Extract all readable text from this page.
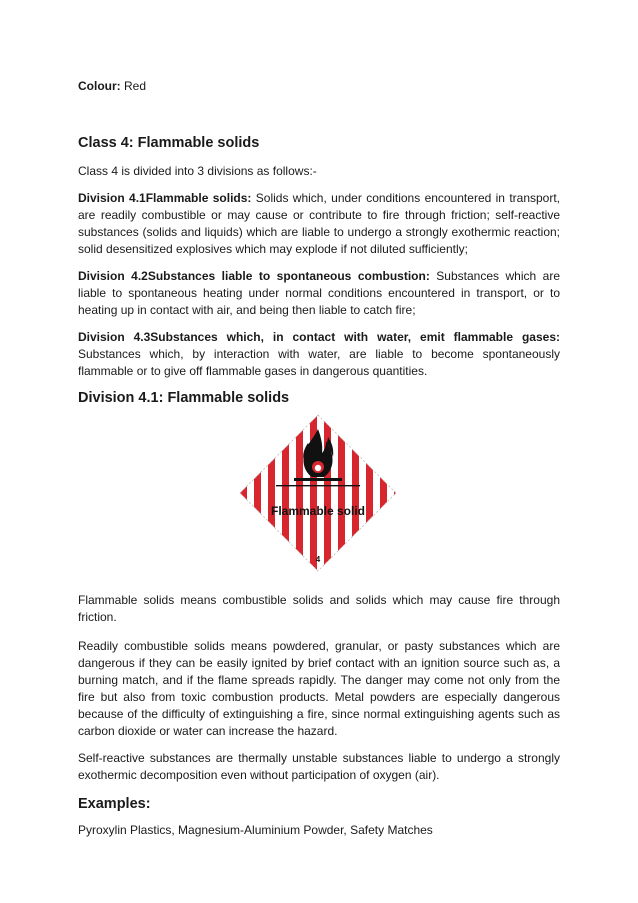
Colour: Red

Class 4: Flammable solids

Class 4 is divided into 3 divisions as follows:-

Division 4.1Flammable solids: Solids which, under conditions encountered in transport, are readily combustible or may cause or contribute to fire through friction; self-reactive substances (solids and liquids) which are liable to undergo a strongly exothermic reaction; solid desensitized explosives which may explode if not diluted sufficiently;

Division 4.2Substances liable to spontaneous combustion: Substances which are liable to spontaneous heating under normal conditions encountered in transport, or to heating up in contact with air, and being then liable to catch fire;

Division 4.3Substances which, in contact with water, emit flammable gases: Substances which, by interaction with water, are liable to become spontaneously flammable or to give off flammable gases in dangerous quantities.

Division 4.1: Flammable solids
Flammable solid
4

Flammable solids means combustible solids and solids which may cause fire through friction.

Readily combustible solids means powdered, granular, or pasty substances which are dangerous if they can be easily ignited by brief contact with an ignition source such as, a burning match, and if the flame spreads rapidly. The danger may come not only from the fire but also from toxic combustion products. Metal powders are especially dangerous because of the difficulty of extinguishing a fire, since normal extinguishing agents such as carbon dioxide or water can increase the hazard.

Self-reactive substances are thermally unstable substances liable to undergo a strongly exothermic decomposition even without participation of oxygen (air).

Examples:

Pyroxylin Plastics, Magnesium-Aluminium Powder, Safety Matches
